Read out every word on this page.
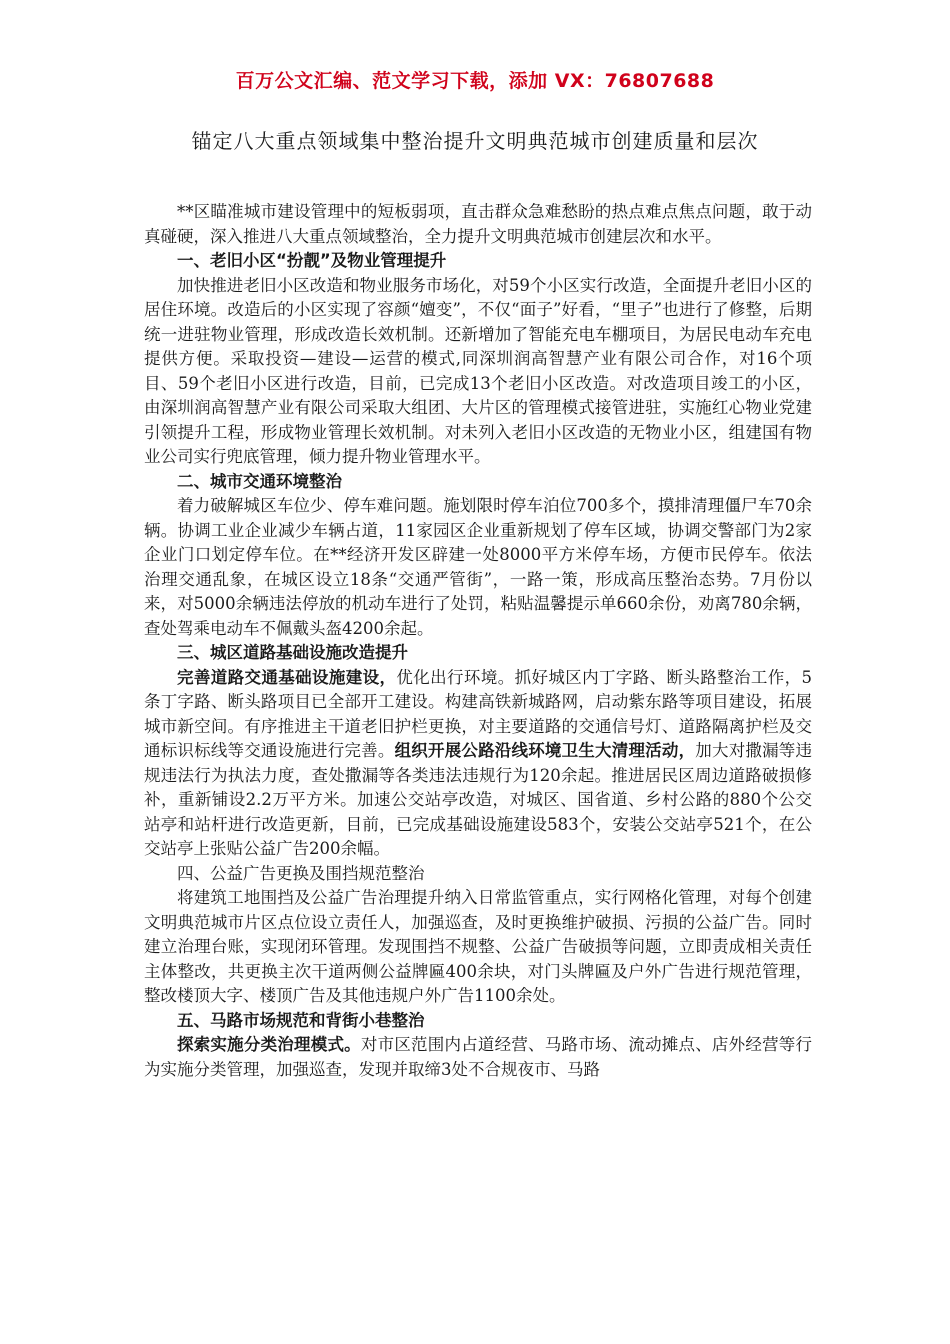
百万公文汇编、范文学习下载，添加 VX：76807688
锚定八大重点领域集中整治提升文明典范城市创建质量和层次

**区瞄准城市建设管理中的短板弱项，直击群众急难愁盼的热点难点焦点问题，敢于动真碰硬，深入推进八大重点领域整治，全力提升文明典范城市创建层次和水平。

一、老旧小区“扮靓”及物业管理提升

加快推进老旧小区改造和物业服务市场化，对59个小区实行改造，全面提升老旧小区的居住环境。改造后的小区实现了容颜“嬗变”，不仅“面子”好看，“里子”也进行了修整，后期统一进驻物业管理，形成改造长效机制。还新增加了智能充电车棚项目，为居民电动车充电提供方便。采取投资—建设—运营的模式,同深圳润高智慧产业有限公司合作，对16个项目、59个老旧小区进行改造，目前，已完成13个老旧小区改造。对改造项目竣工的小区，由深圳润高智慧产业有限公司采取大组团、大片区的管理模式接管进驻，实施红心物业党建引领提升工程，形成物业管理长效机制。对未列入老旧小区改造的无物业小区，组建国有物业公司实行兜底管理，倾力提升物业管理水平。

二、城市交通环境整治

着力破解城区车位少、停车难问题。施划限时停车泊位700多个，摸排清理僵尸车70余辆。协调工业企业减少车辆占道，11家园区企业重新规划了停车区域，协调交警部门为2家企业门口划定停车位。在**经济开发区辟建一处8000平方米停车场，方便市民停车。依法治理交通乱象，在城区设立18条“交通严管街”，一路一策，形成高压整治态势。7月份以来，对5000余辆违法停放的机动车进行了处罚，粘贴温馨提示单660余份，劝离780余辆，查处驾乘电动车不佩戴头盔4200余起。

三、城区道路基础设施改造提升

完善道路交通基础设施建设，优化出行环境。抓好城区内丁字路、断头路整治工作，5条丁字路、断头路项目已全部开工建设。构建高铁新城路网，启动紫东路等项目建设，拓展城市新空间。有序推进主干道老旧护栏更换，对主要道路的交通信号灯、道路隔离护栏及交通标识标线等交通设施进行完善。组织开展公路沿线环境卫生大清理活动，加大对撒漏等违规违法行为执法力度，查处撒漏等各类违法违规行为120余起。推进居民区周边道路破损修补，重新铺设2.2万平方米。加速公交站亭改造，对城区、国省道、乡村公路的880个公交站亭和站杆进行改造更新，目前，已完成基础设施建设583个，安装公交站亭521个，在公交站亭上张贴公益广告200余幅。

四、公益广告更换及围挡规范整治

将建筑工地围挡及公益广告治理提升纳入日常监管重点，实行网格化管理，对每个创建文明典范城市片区点位设立责任人，加强巡查，及时更换维护破损、污损的公益广告。同时建立治理台账，实现闭环管理。发现围挡不规整、公益广告破损等问题，立即责成相关责任主体整改，共更换主次干道两侧公益牌匾400余块，对门头牌匾及户外广告进行规范管理，整改楼顶大字、楼顶广告及其他违规户外广告1100余处。

五、马路市场规范和背街小巷整治

探索实施分类治理模式。对市区范围内占道经营、马路市场、流动摊点、店外经营等行为实施分类管理，加强巡查，发现并取缔3处不合规夜市、马路
